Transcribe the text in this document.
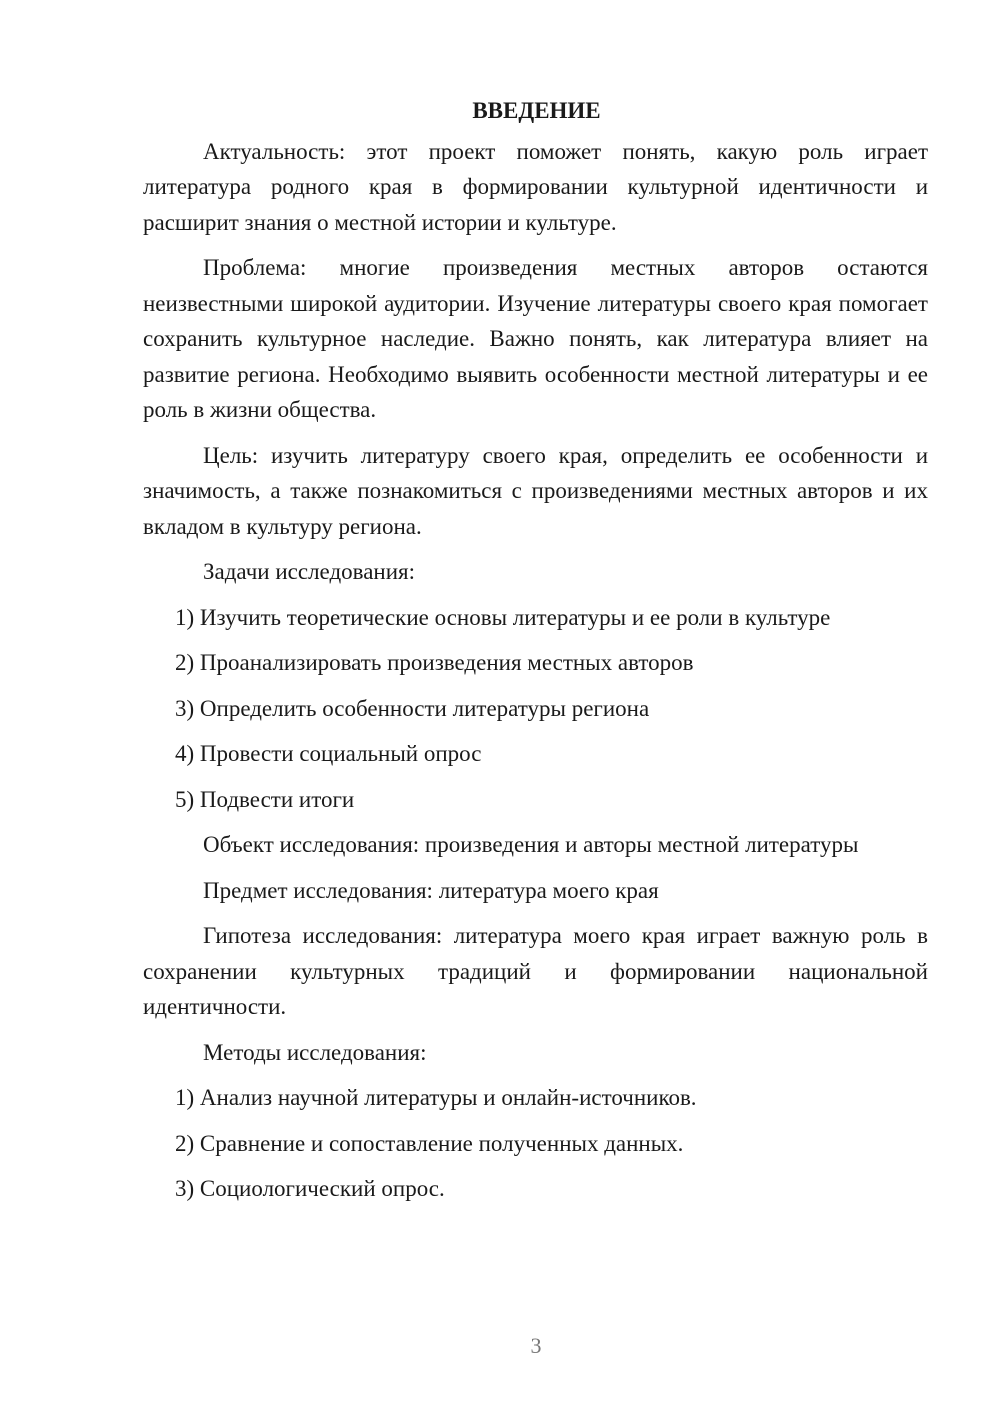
ВВЕДЕНИЕ
Актуальность: этот проект поможет понять, какую роль играет литература родного края в формировании культурной идентичности и расширит знания о местной истории и культуре.
Проблема: многие произведения местных авторов остаются неизвестными широкой аудитории. Изучение литературы своего края помогает сохранить культурное наследие. Важно понять, как литература влияет на развитие региона. Необходимо выявить особенности местной литературы и ее роль в жизни общества.
Цель: изучить литературу своего края, определить ее особенности и значимость, а также познакомиться с произведениями местных авторов и их вкладом в культуру региона.
Задачи исследования:
1) Изучить теоретические основы литературы и ее роли в культуре
2) Проанализировать произведения местных авторов
3) Определить особенности литературы региона
4) Провести социальный опрос
5) Подвести итоги
Объект исследования: произведения и авторы местной литературы
Предмет исследования: литература моего края
Гипотеза исследования: литература моего края играет важную роль в сохранении культурных традиций и формировании национальной идентичности.
Методы исследования:
1) Анализ научной литературы и онлайн-источников.
2) Сравнение и сопоставление полученных данных.
3) Социологический опрос.
3
